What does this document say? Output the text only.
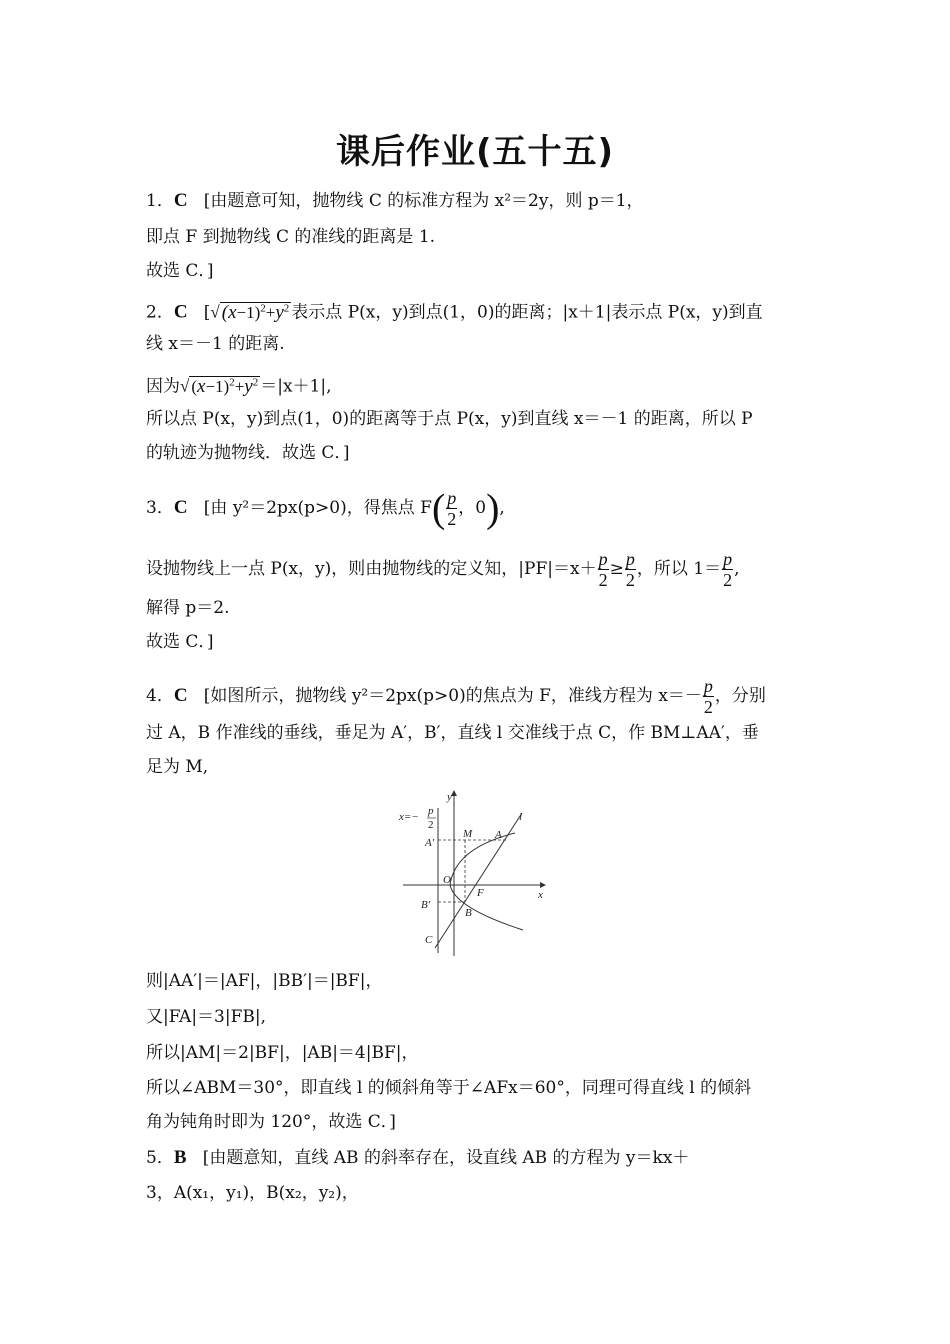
课后作业(五十五)
1．C [由题意可知，抛物线 C 的标准方程为 x²＝2y，则 p＝1，
即点 F 到抛物线 C 的准线的距离是 1.
故选 C．]
2．C   [√ $(x-1)^2+y^2$ 表示点 P(x，y)到点(1，0)的距离；|x＋1|表示点 P(x，y)到直
线 x＝－1 的距离.
因为√ $(x-1)^2+y^2 =|x+1|$,
所以点 P(x，y)到点(1，0)的距离等于点 P(x，y)到直线 x＝－1 的距离，所以 P
的轨迹为抛物线．故选 C．]
3．C [由 y²＝2px(p>0)，得焦点 $F( \frac{p}{2}$ ，0),
设抛物线上一点 P(x，y)，则由抛物线的定义知，$|PF|=x+ \frac{p}{2} \ge \frac{p}{2}$ ，所以 $1= \frac{p}{2}$ ,
解得 p＝2.
故选 C．]
4．C [如图所示，抛物线 y²＝2px(p>0)的焦点为 F，准线方程为 $x=- \frac{p}{2}$ ，分别
过 A，B 作准线的垂线，垂足为 A′，B′，直线 l 交准线于点 C，作 BM⊥AA′，垂
足为 M,
x=− p
2
y
x
l
O
F
A
A′
B
B′
M
C
则|AA′|＝|AF|，|BB′|＝|BF|，
又|FA|＝3|FB|,
所以|AM|＝2|BF|，|AB|＝4|BF|，
所以∠ABM＝30°，即直线 l 的倾斜角等于∠AFx＝60°，同理可得直线 l 的倾斜
角为钝角时即为 120°，故选 C．]
5．B [由题意知，直线 AB 的斜率存在，设直线 AB 的方程为 y＝kx＋
3，A(x₁，y₁)，B(x₂，y₂)，
